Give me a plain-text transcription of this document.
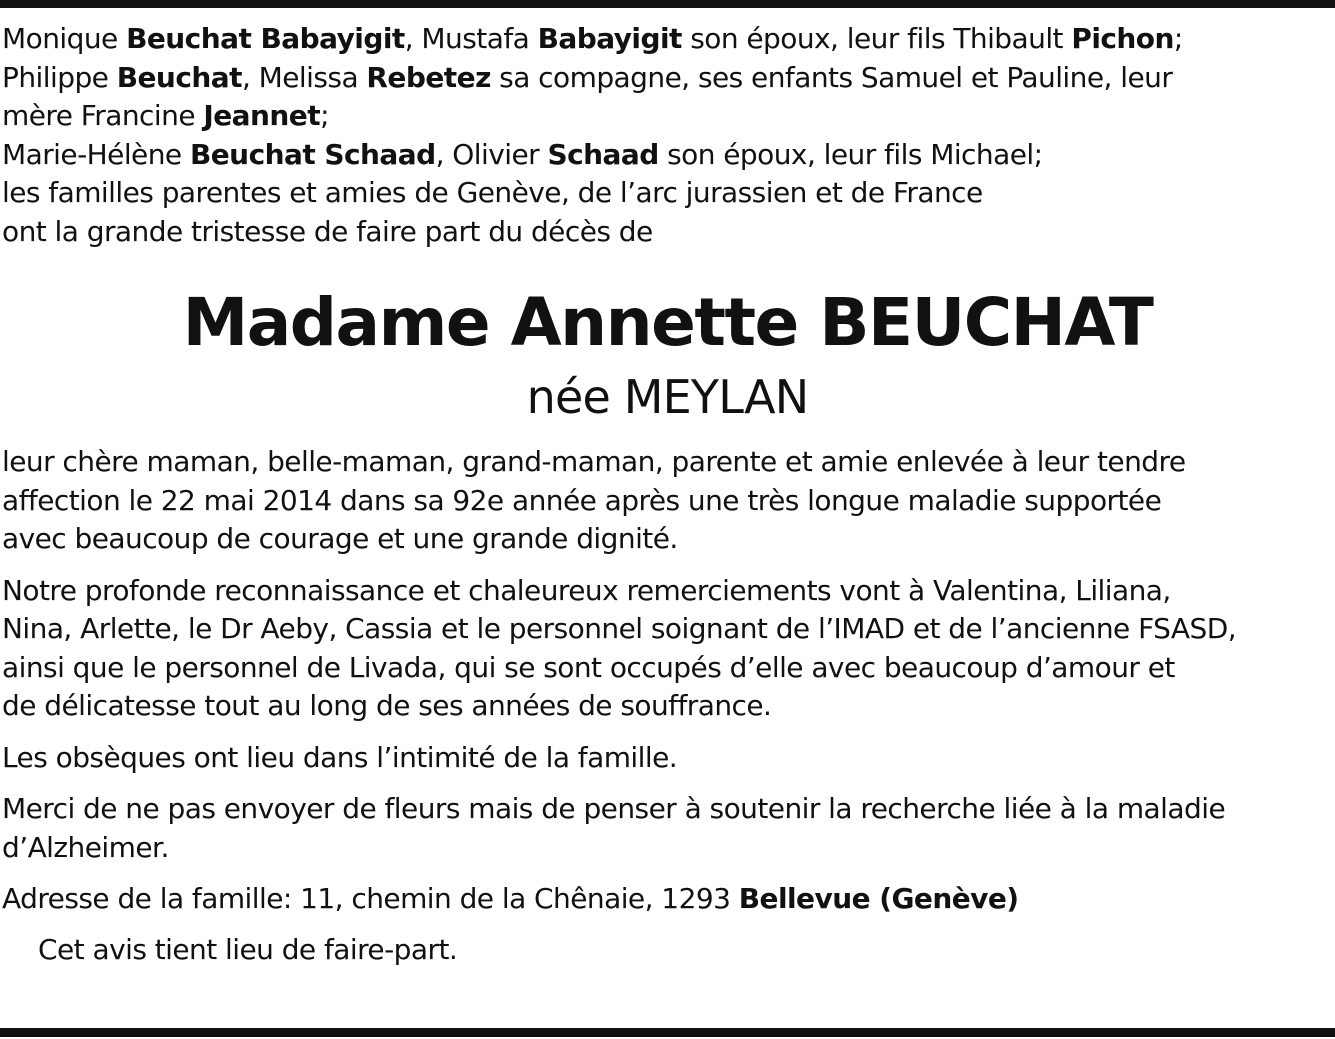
Monique Beuchat Babayigit, Mustafa Babayigit son époux, leur fils Thibault Pichon;
Philippe Beuchat, Melissa Rebetez sa compagne, ses enfants Samuel et Pauline, leur
mère Francine Jeannet;
Marie-Hélène Beuchat Schaad, Olivier Schaad son époux, leur fils Michael;
les familles parentes et amies de Genève, de l’arc jurassien et de France
ont la grande tristesse de faire part du décès de
Madame Annette BEUCHAT
née MEYLAN

leur chère maman, belle-maman, grand-maman, parente et amie enlevée à leur tendre
affection le 22 mai 2014 dans sa 92e année après une très longue maladie supportée
avec beaucoup de courage et une grande dignité.

Notre profonde reconnaissance et chaleureux remerciements vont à Valentina, Liliana,
Nina, Arlette, le Dr Aeby, Cassia et le personnel soignant de l’IMAD et de l’ancienne FSASD,
ainsi que le personnel de Livada, qui se sont occupés d’elle avec beaucoup d’amour et
de délicatesse tout au long de ses années de souffrance.

Les obsèques ont lieu dans l’intimité de la famille.

Merci de ne pas envoyer de fleurs mais de penser à soutenir la recherche liée à la maladie
d’Alzheimer.

Adresse de la famille: 11, chemin de la Chênaie, 1293 Bellevue (Genève)

Cet avis tient lieu de faire-part.
